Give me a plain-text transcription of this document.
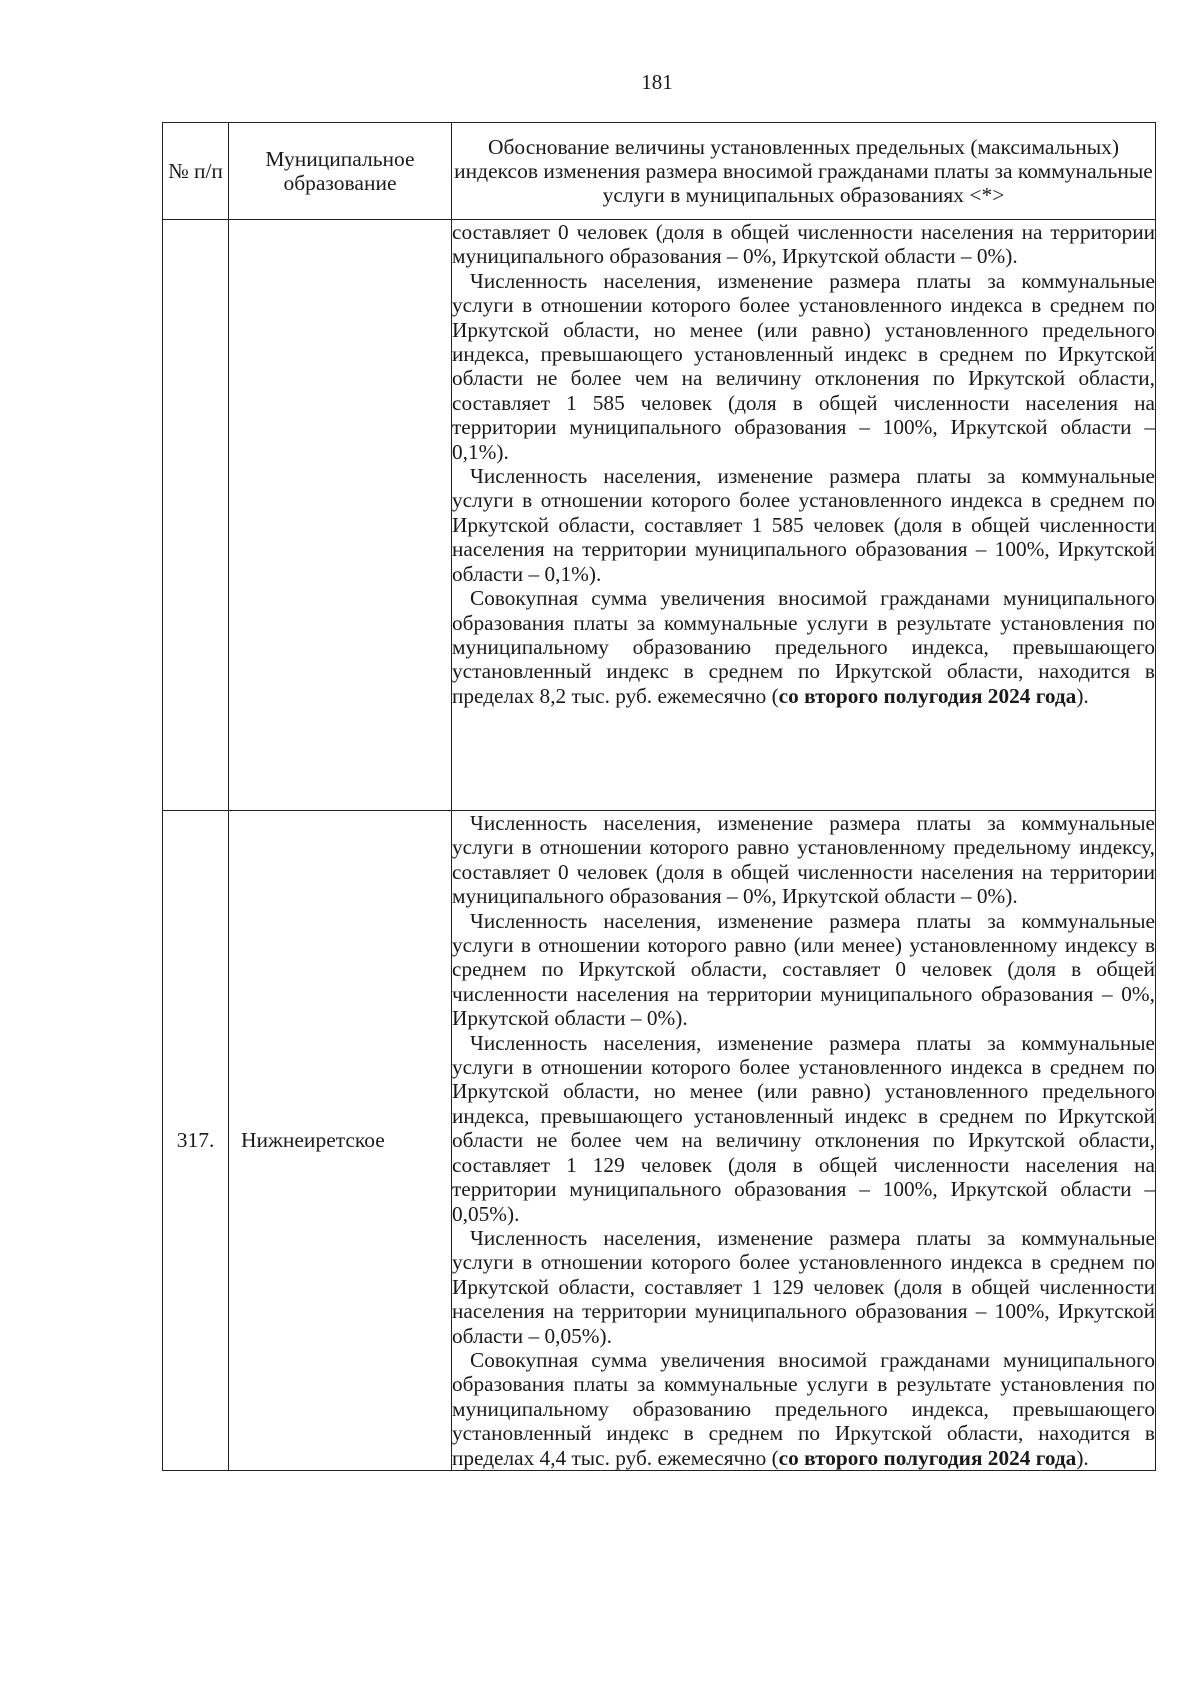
181
№ п/п	Муниципальное образование	Обоснование величины установленных предельных (максимальных) индексов изменения размера вносимой гражданами платы за коммунальные услуги в муниципальных образованиях <*>

		составляет 0 человек (доля в общей численности населения на территории муниципального образования – 0%, Иркутской области – 0%).

Численность населения, изменение размера платы за коммунальные услуги в отношении которого более установленного индекса в среднем по Иркутской области, но менее (или равно) установленного предельного индекса, превышающего установленный индекс в среднем по Иркутской области не более чем на величину отклонения по Иркутской области, составляет 1 585 человек (доля в общей численности населения на территории муниципального образования – 100%, Иркутской области – 0,1%).

Численность населения, изменение размера платы за коммунальные услуги в отношении которого более установленного индекса в среднем по Иркутской области, составляет 1 585 человек (доля в общей численности населения на территории муниципального образования – 100%, Иркутской области – 0,1%).

Совокупная сумма увеличения вносимой гражданами муниципального образования платы за коммунальные услуги в результате установления по муниципальному образованию предельного индекса, превышающего установленный индекс в среднем по Иркутской области, находится в пределах 8,2 тыс. руб. ежемесячно (со второго полугодия 2024 года).

317.	Нижнеиретское	Численность населения, изменение размера платы за коммунальные услуги в отношении которого равно установленному предельному индексу, составляет 0 человек (доля в общей численности населения на территории муниципального образования – 0%, Иркутской области – 0%).

Численность населения, изменение размера платы за коммунальные услуги в отношении которого равно (или менее) установленному индексу в среднем по Иркутской области, составляет 0 человек (доля в общей численности населения на территории муниципального образования – 0%, Иркутской области – 0%).

Численность населения, изменение размера платы за коммунальные услуги в отношении которого более установленного индекса в среднем по Иркутской области, но менее (или равно) установленного предельного индекса, превышающего установленный индекс в среднем по Иркутской области не более чем на величину отклонения по Иркутской области, составляет 1 129 человек (доля в общей численности населения на территории муниципального образования – 100%, Иркутской области – 0,05%).

Численность населения, изменение размера платы за коммунальные услуги в отношении которого более установленного индекса в среднем по Иркутской области, составляет 1 129 человек (доля в общей численности населения на территории муниципального образования – 100%, Иркутской области – 0,05%).

Совокупная сумма увеличения вносимой гражданами муниципального образования платы за коммунальные услуги в результате установления по муниципальному образованию предельного индекса, превышающего установленный индекс в среднем по Иркутской области, находится в пределах 4,4 тыс. руб. ежемесячно (со второго полугодия 2024 года).
